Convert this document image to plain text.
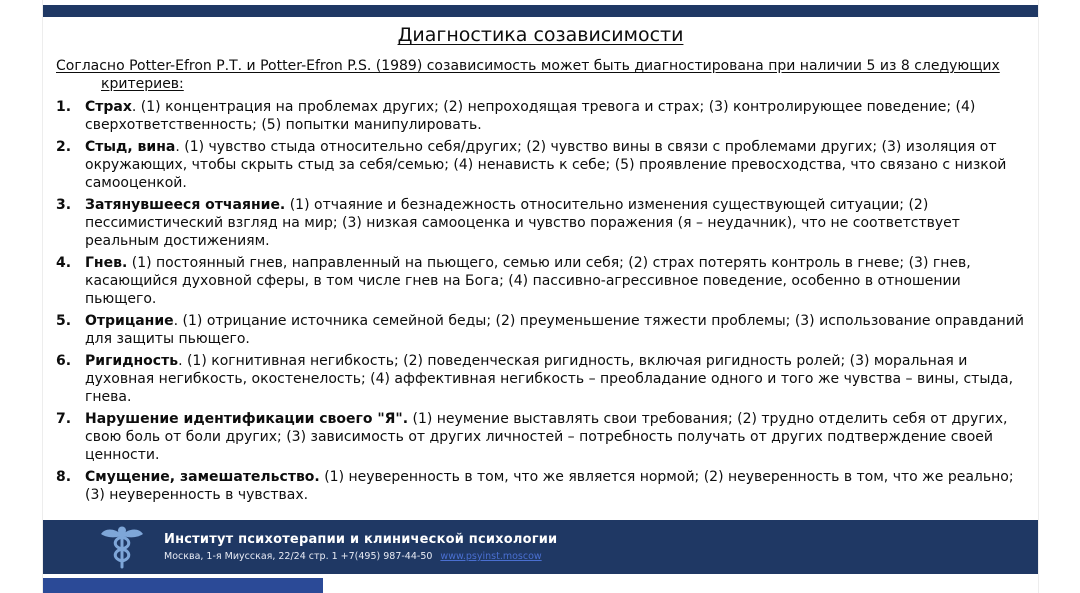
Диагностика созависимости

Согласно Potter-Efron Р.Т. и Potter-Efron P.S. (1989) созависимость может быть диагностирована при наличии 5 из 8 следующих критериев:

1. Страх. (1) концентрация на проблемах других; (2) непроходящая тревога и страх; (3) контролирующее поведение; (4) сверхответственность; (5) попытки манипулировать.
2. Стыд, вина. (1) чувство стыда относительно себя/других; (2) чувство вины в связи с проблемами других; (3) изоляция от окружающих, чтобы скрыть стыд за себя/семью; (4) ненависть к себе; (5) проявление превосходства, что связано с низкой самооценкой.
3. Затянувшееся отчаяние. (1) отчаяние и безнадежность относительно изменения существующей ситуации; (2) пессимистический взгляд на мир; (3) низкая самооценка и чувство поражения (я – неудачник), что не соответствует реальным достижениям.
4. Гнев. (1) постоянный гнев, направленный на пьющего, семью или себя; (2) страх потерять контроль в гневе; (3) гнев, касающийся духовной сферы, в том числе гнев на Бога; (4) пассивно-агрессивное поведение, особенно в отношении пьющего.
5. Отрицание. (1) отрицание источника семейной беды; (2) преуменьшение тяжести проблемы; (3) использование оправданий для защиты пьющего.
6. Ригидность. (1) когнитивная негибкость; (2) поведенческая ригидность, включая ригидность ролей; (3) моральная и духовная негибкость, окостенелость; (4) аффективная негибкость – преобладание одного и того же чувства – вины, стыда, гнева.
7. Нарушение идентификации своего "Я". (1) неумение выставлять свои требования; (2) трудно отделить себя от других, свою боль от боли других; (3) зависимость от других личностей – потребность получать от других подтверждение своей ценности.
8. Смущение, замешательство. (1) неуверенность в том, что же является нормой; (2) неуверенность в том, что же реально; (3) неуверенность в чувствах.
Институт психотерапии и клинической психологии
Москва, 1-я Миусская, 22/24 стр. 1 +7(495) 987-44-50 www.psyinst.moscow
